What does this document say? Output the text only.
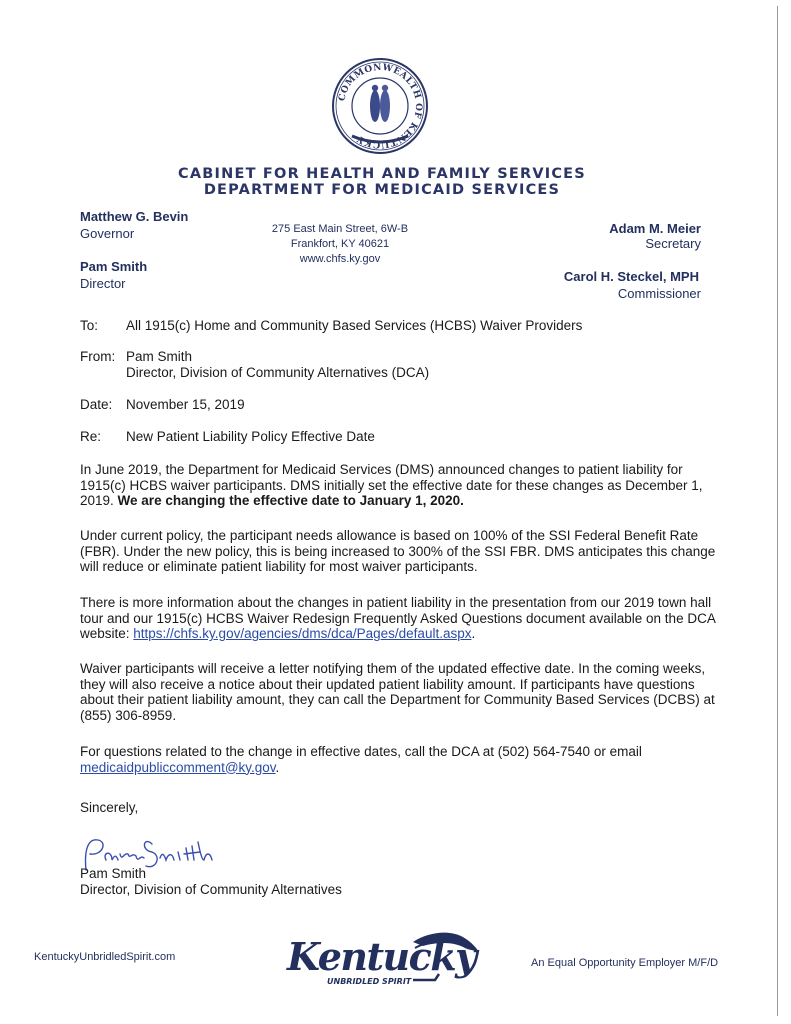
COMMONWEALTH OF KENTUCKY
CABINET FOR HEALTH AND FAMILY SERVICES
DEPARTMENT FOR MEDICAID SERVICES
Matthew G. Bevin
Governor
Pam Smith
Director
275 East Main Street, 6W-B
Frankfort, KY 40621
www.chfs.ky.gov
Adam M. Meier
Secretary
Carol H. Steckel, MPH
Commissioner
To: All 1915(c) Home and Community Based Services (HCBS) Waiver Providers
From: Pam Smith
Director, Division of Community Alternatives (DCA)
Date: November 15, 2019
Re: New Patient Liability Policy Effective Date
In June 2019, the Department for Medicaid Services (DMS) announced changes to patient liability for 1915(c) HCBS waiver participants. DMS initially set the effective date for these changes as December 1, 2019. We are changing the effective date to January 1, 2020.
Under current policy, the participant needs allowance is based on 100% of the SSI Federal Benefit Rate (FBR). Under the new policy, this is being increased to 300% of the SSI FBR. DMS anticipates this change will reduce or eliminate patient liability for most waiver participants.
There is more information about the changes in patient liability in the presentation from our 2019 town hall tour and our 1915(c) HCBS Waiver Redesign Frequently Asked Questions document available on the DCA website: https://chfs.ky.gov/agencies/dms/dca/Pages/default.aspx.
Waiver participants will receive a letter notifying them of the updated effective date. In the coming weeks, they will also receive a notice about their updated patient liability amount. If participants have questions about their patient liability amount, they can call the Department for Community Based Services (DCBS) at (855) 306-8959.
For questions related to the change in effective dates, call the DCA at (502) 564-7540 or email medicaidpubliccomment@ky.gov.
Sincerely,
Pam Smith
Director, Division of Community Alternatives
KentuckyUnbridledSpirit.com	Kentucky
UNBRIDLED SPIRIT
An Equal Opportunity Employer M/F/D
